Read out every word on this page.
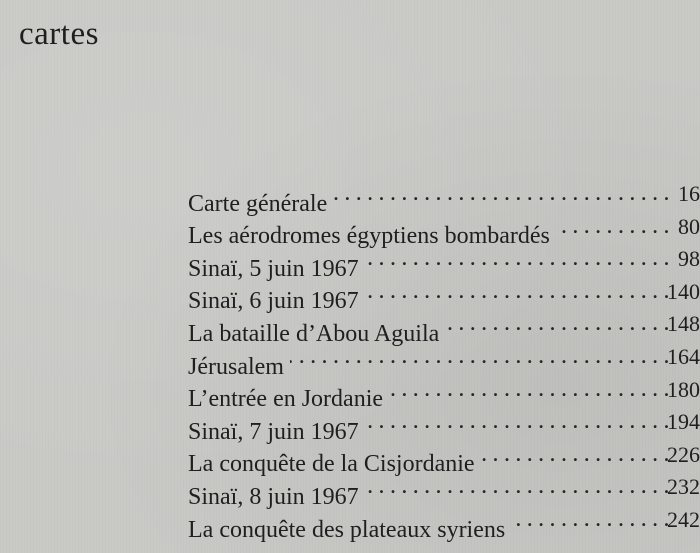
cartes
Carte générale . . .	16
Les aérodromes égyptiens bombardés . . .	80
Sinaï, 5 juin 1967 . . .	98
Sinaï, 6 juin 1967 . . .	140
La bataille d’Abou Aguila . . .	148
Jérusalem . . .	164
L’entrée en Jordanie . . .	180
Sinaï, 7 juin 1967 . . .	194
La conquête de la Cisjordanie . . .	226
Sinaï, 8 juin 1967 . . .	232
La conquête des plateaux syriens . . .	242
